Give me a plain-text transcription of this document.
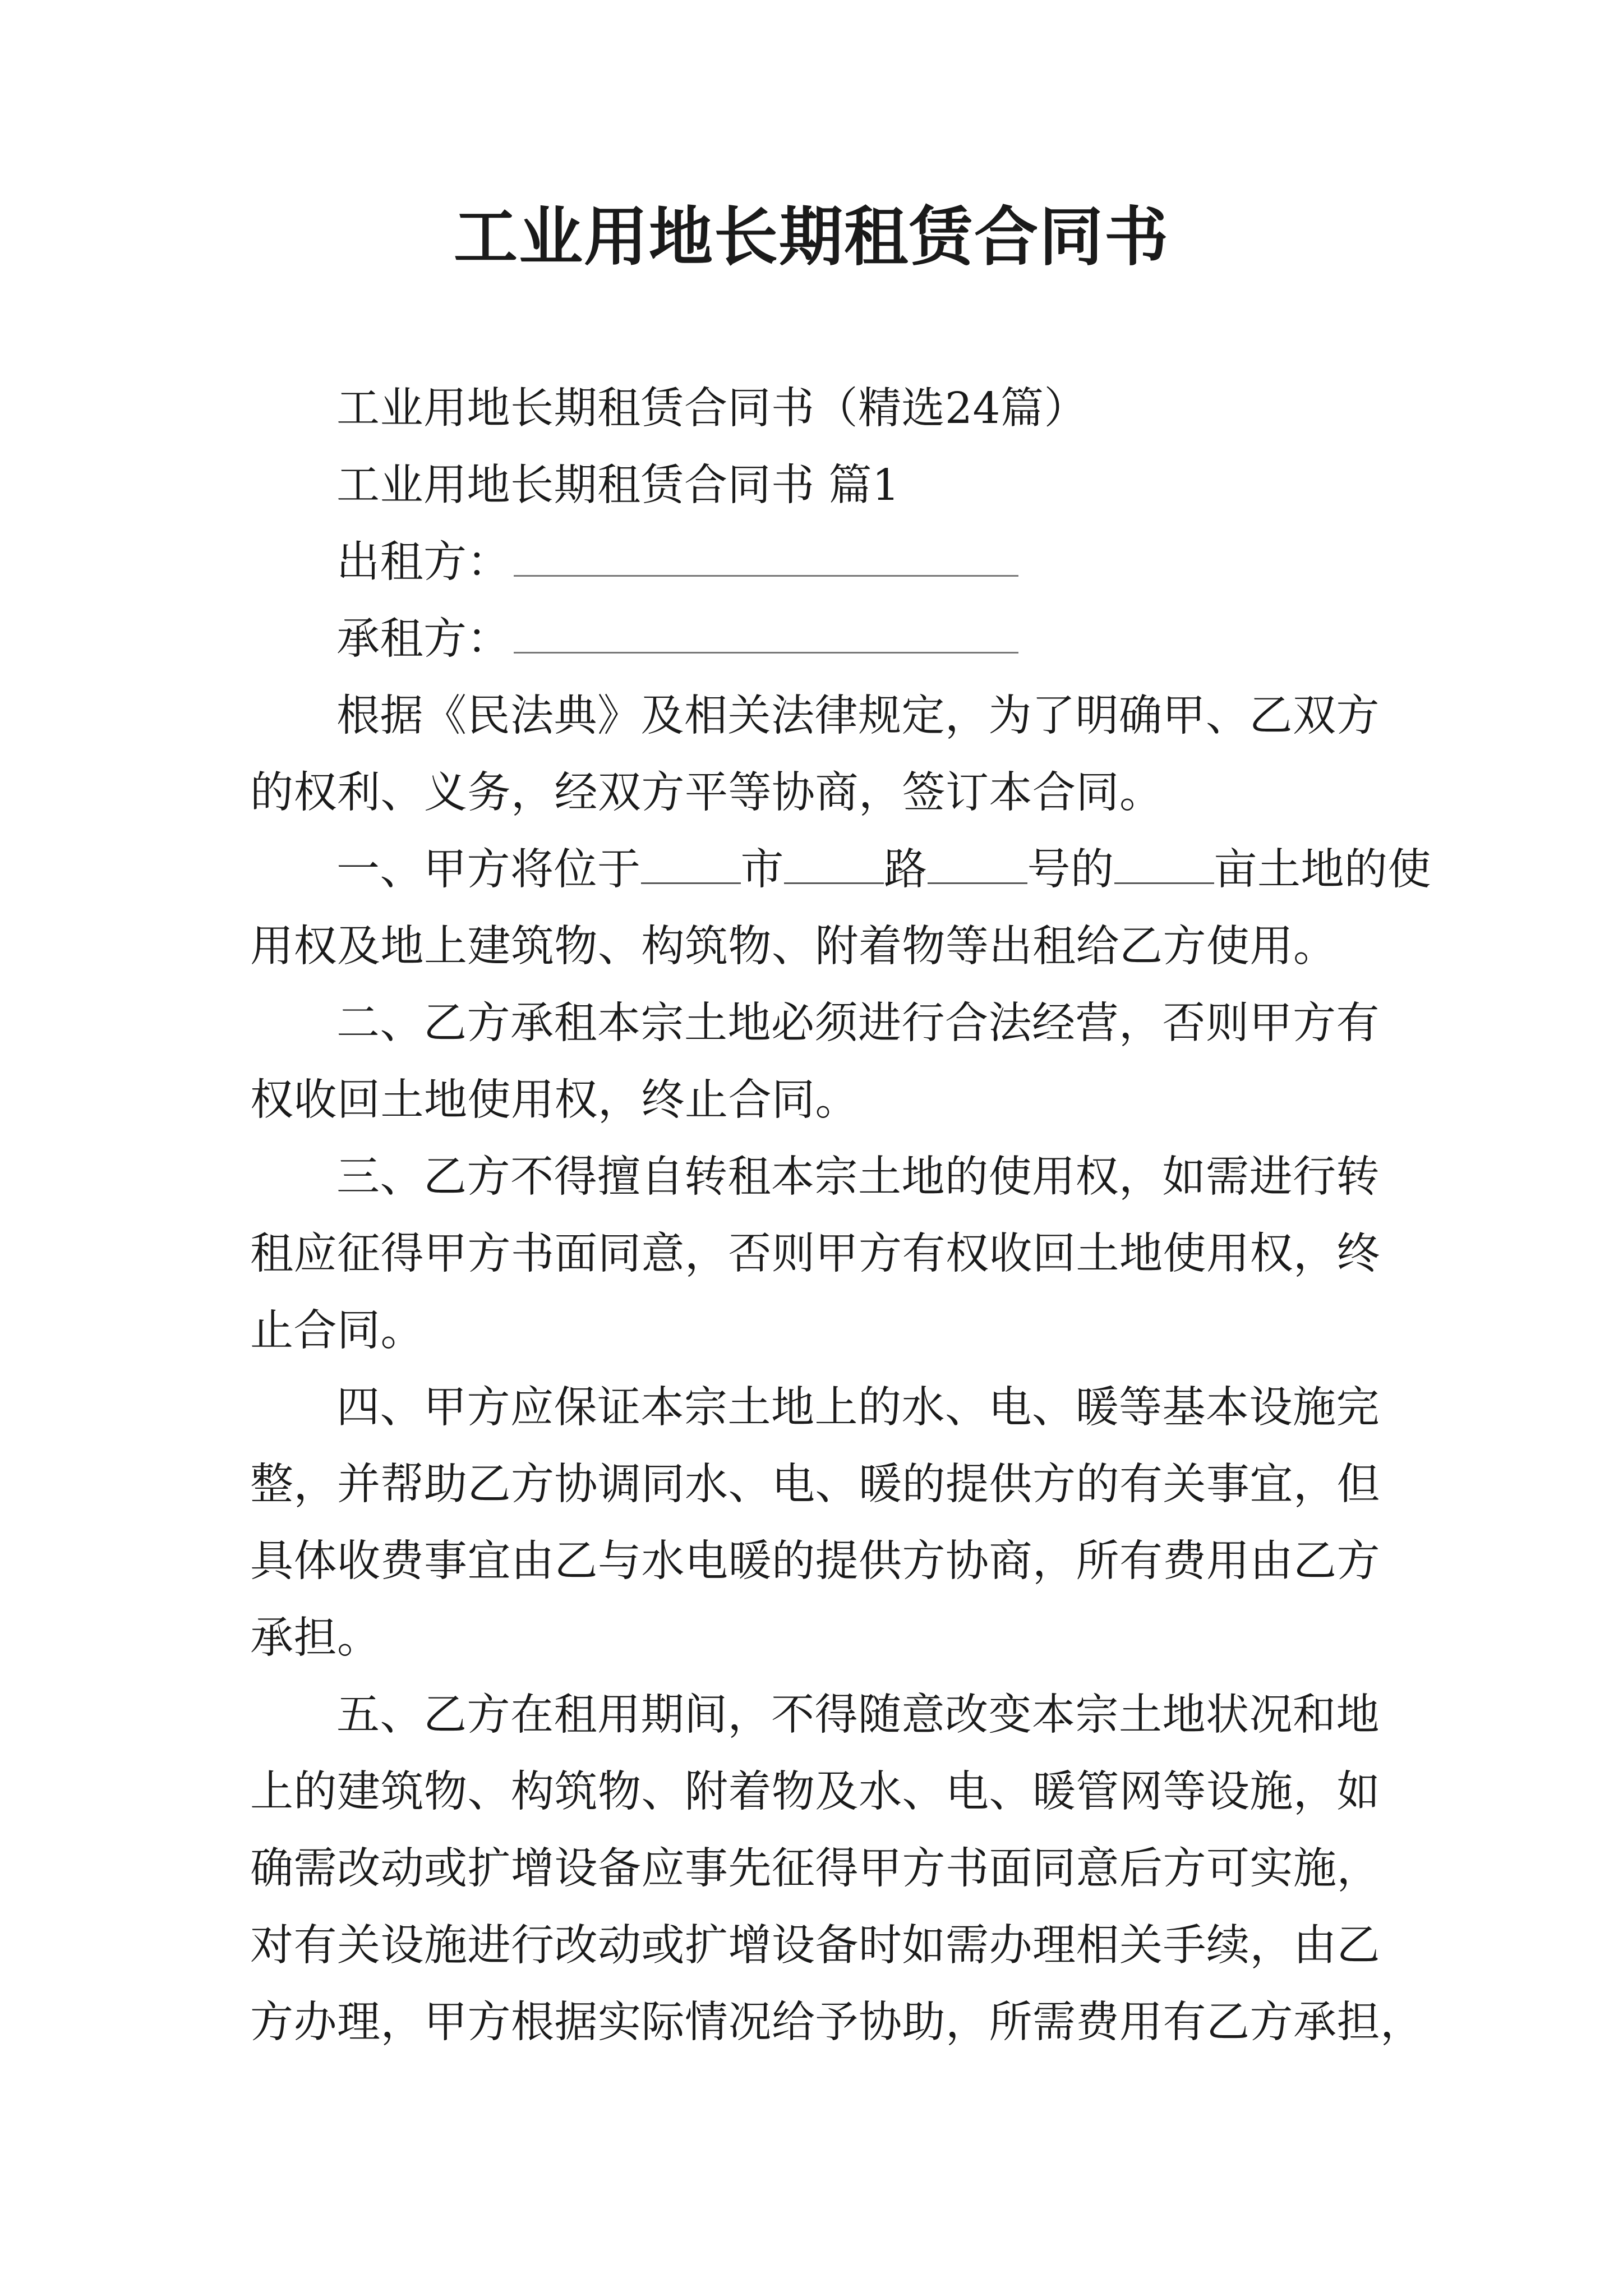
工业用地长期租赁合同书
工业用地长期租赁合同书（精选24篇）
工业用地长期租赁合同书 篇1
出租方：
承租方：
根据《民法典》及相关法律规定，为了明确甲、乙双方
的权利、义务，经双方平等协商，签订本合同。
一、甲方将位于 市 路 号的 亩土地的使
用权及地上建筑物、构筑物、附着物等出租给乙方使用。
二、乙方承租本宗土地必须进行合法经营，否则甲方有
权收回土地使用权，终止合同。
三、乙方不得擅自转租本宗土地的使用权，如需进行转
租应征得甲方书面同意，否则甲方有权收回土地使用权，终
止合同。
四、甲方应保证本宗土地上的水、电、暖等基本设施完
整，并帮助乙方协调同水、电、暖的提供方的有关事宜，但
具体收费事宜由乙与水电暖的提供方协商，所有费用由乙方
承担。
五、乙方在租用期间，不得随意改变本宗土地状况和地
上的建筑物、构筑物、附着物及水、电、暖管网等设施，如
确需改动或扩增设备应事先征得甲方书面同意后方可实施，
对有关设施进行改动或扩增设备时如需办理相关手续，由乙
方办理，甲方根据实际情况给予协助，所需费用有乙方承担，
